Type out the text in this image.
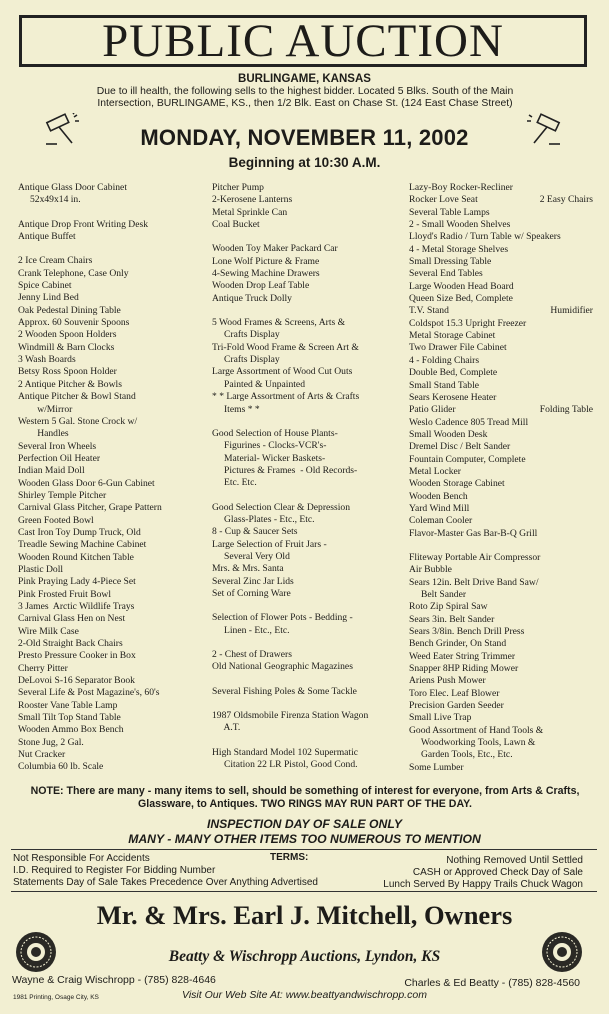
PUBLIC AUCTION
BURLINGAME, KANSAS
Due to ill health, the following sells to the highest bidder. Located 5 Blks. South of the Main
Intersection, BURLINGAME, KS., then 1/2 Blk. East on Chase St. (124 East Chase Street)
MONDAY, NOVEMBER 11, 2002
Beginning at 10:30 A.M.
Antique Glass Door Cabinet
52x49x14 in.
Antique Drop Front Writing Desk
Antique Buffet
2 Ice Cream Chairs
Crank Telephone, Case Only
Spice Cabinet
Jenny Lind Bed
Oak Pedestal Dining Table
Approx. 60 Souvenir Spoons
2 Wooden Spoon Holders
Windmill & Barn Clocks
3 Wash Boards
Betsy Ross Spoon Holder
2 Antique Pitcher & Bowls
Antique Pitcher & Bowl Stand
w/Mirror
Western 5 Gal. Stone Crock w/
Handles
Several Iron Wheels
Perfection Oil Heater
Indian Maid Doll
Wooden Glass Door 6-Gun Cabinet
Shirley Temple Pitcher
Carnival Glass Pitcher, Grape Pattern
Green Footed Bowl
Cast Iron Toy Dump Truck, Old
Treadle Sewing Machine Cabinet
Wooden Round Kitchen Table
Plastic Doll
Pink Praying Lady 4-Piece Set
Pink Frosted Fruit Bowl
3 James  Arctic Wildlife Trays
Carnival Glass Hen on Nest
Wire Milk Case
2-Old Straight Back Chairs
Presto Pressure Cooker in Box
Cherry Pitter
DeLovoi S-16 Separator Book
Several Life & Post Magazine's, 60's
Rooster Vane Table Lamp
Small Tilt Top Stand Table
Wooden Ammo Box Bench
Stone Jug, 2 Gal.
Nut Cracker
Columbia 60 lb. Scale
Pitcher Pump
2-Kerosene Lanterns
Metal Sprinkle Can
Coal Bucket
Wooden Toy Maker Packard Car
Lone Wolf Picture & Frame
4-Sewing Machine Drawers
Wooden Drop Leaf Table
Antique Truck Dolly
5 Wood Frames & Screens, Arts &
Crafts Display
Tri-Fold Wood Frame & Screen Art &
Crafts Display
Large Assortment of Wood Cut Outs
Painted & Unpainted
* * Large Assortment of Arts & Crafts
Items * *
Good Selection of House Plants-
Figurines - Clocks-VCR's-
Material- Wicker Baskets-
Pictures & Frames  - Old Records-
Etc. Etc.
Good Selection Clear & Depression
Glass-Plates - Etc., Etc.
8 - Cup & Saucer Sets
Large Selection of Fruit Jars -
Several Very Old
Mrs. & Mrs. Santa
Several Zinc Jar Lids
Set of Corning Ware
Selection of Flower Pots - Bedding -
Linen - Etc., Etc.
2 - Chest of Drawers
Old National Geographic Magazines
Several Fishing Poles & Some Tackle
1987 Oldsmobile Firenza Station Wagon
A.T.
High Standard Model 102 Supermatic
Citation 22 LR Pistol, Good Cond.
Lazy-Boy Rocker-Recliner
Rocker Love Seat	2 Easy Chairs
Several Table Lamps
2 - Small Wooden Shelves
Lloyd's Radio / Turn Table w/ Speakers
4 - Metal Storage Shelves
Small Dressing Table
Several End Tables
Large Wooden Head Board
Queen Size Bed, Complete
T.V. Stand	Humidifier
Coldspot 15.3 Upright Freezer
Metal Storage Cabinet
Two Drawer File Cabinet
4 - Folding Chairs
Double Bed, Complete
Small Stand Table
Sears Kerosene Heater
Patio Glider	Folding Table
Weslo Cadence 805 Tread Mill
Small Wooden Desk
Dremel Disc / Belt Sander
Fountain Computer, Complete
Metal Locker
Wooden Storage Cabinet
Wooden Bench
Yard Wind Mill
Coleman Cooler
Flavor-Master Gas Bar-B-Q Grill
Fliteway Portable Air Compressor
Air Bubble
Sears 12in. Belt Drive Band Saw/
Belt Sander
Roto Zip Spiral Saw
Sears 3in. Belt Sander
Sears 3/8in. Bench Drill Press
Bench Grinder, On Stand
Weed Eater String Trimmer
Snapper 8HP Riding Mower
Ariens Push Mower
Toro Elec. Leaf Blower
Precision Garden Seeder
Small Live Trap
Good Assortment of Hand Tools &
Woodworking Tools, Lawn &
Garden Tools, Etc., Etc.
Some Lumber
NOTE: There are many - many items to sell, should be something of interest for everyone, from Arts & Crafts, Glassware, to Antiques. TWO RINGS MAY RUN PART OF THE DAY.
INSPECTION DAY OF SALE ONLY
MANY - MANY OTHER ITEMS TOO NUMEROUS TO MENTION
TERMS:
Not Responsible For Accidents
I.D. Required to Register For Bidding Number
Statements Day of Sale Takes Precedence Over Anything Advertised
Nothing Removed Until Settled
CASH or Approved Check Day of Sale
Lunch Served By Happy Trails Chuck Wagon
Mr. & Mrs. Earl J. Mitchell, Owners
Beatty & Wischropp Auctions, Lyndon, KS
Wayne & Craig Wischropp - (785) 828-4646	Charles & Ed Beatty - (785) 828-4560
Visit Our Web Site At: www.beattyandwischropp.com
1981 Printing, Osage City, KS
